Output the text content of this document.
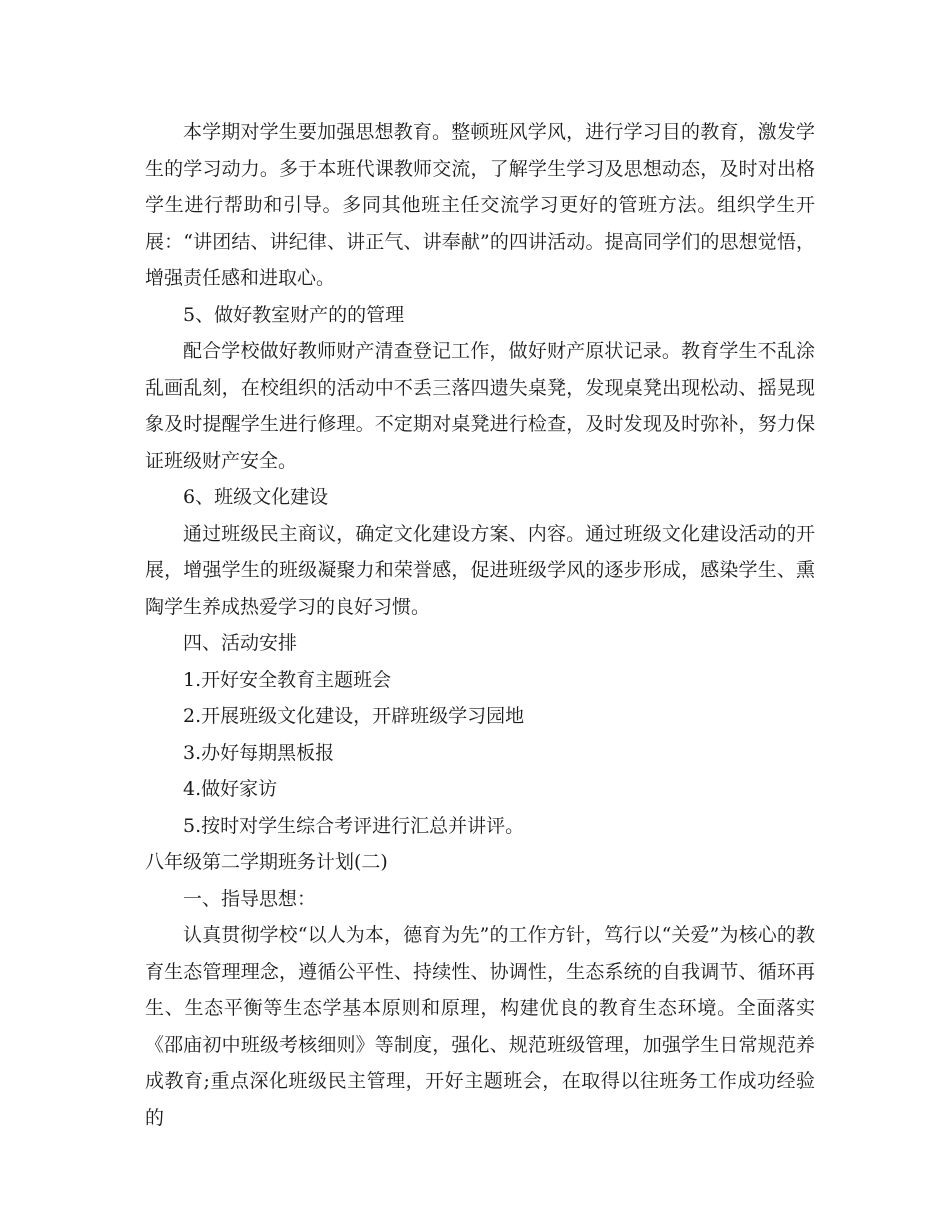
本学期对学生要加强思想教育。整顿班风学风，进行学习目的教育，激发学生的学习动力。多于本班代课教师交流，了解学生学习及思想动态，及时对出格学生进行帮助和引导。多同其他班主任交流学习更好的管班方法。组织学生开展：“讲团结、讲纪律、讲正气、讲奉献”的四讲活动。提高同学们的思想觉悟，增强责任感和进取心。

5、做好教室财产的的管理

配合学校做好教师财产清查登记工作，做好财产原状记录。教育学生不乱涂乱画乱刻，在校组织的活动中不丢三落四遗失桌凳，发现桌凳出现松动、摇晃现象及时提醒学生进行修理。不定期对桌凳进行检查，及时发现及时弥补，努力保证班级财产安全。

6、班级文化建设

通过班级民主商议，确定文化建设方案、内容。通过班级文化建设活动的开展，增强学生的班级凝聚力和荣誉感，促进班级学风的逐步形成，感染学生、熏陶学生养成热爱学习的良好习惯。

四、活动安排

1.开好安全教育主题班会

2.开展班级文化建设，开辟班级学习园地

3.办好每期黑板报

4.做好家访

5.按时对学生综合考评进行汇总并讲评。

八年级第二学期班务计划(二)

一、指导思想：

认真贯彻学校“以人为本，德育为先”的工作方针，笃行以“关爱”为核心的教育生态管理理念，遵循公平性、持续性、协调性，生态系统的自我调节、循环再生、生态平衡等生态学基本原则和原理，构建优良的教育生态环境。全面落实《邵庙初中班级考核细则》等制度，强化、规范班级管理，加强学生日常规范养成教育;重点深化班级民主管理，开好主题班会，在取得以往班务工作成功经验的
